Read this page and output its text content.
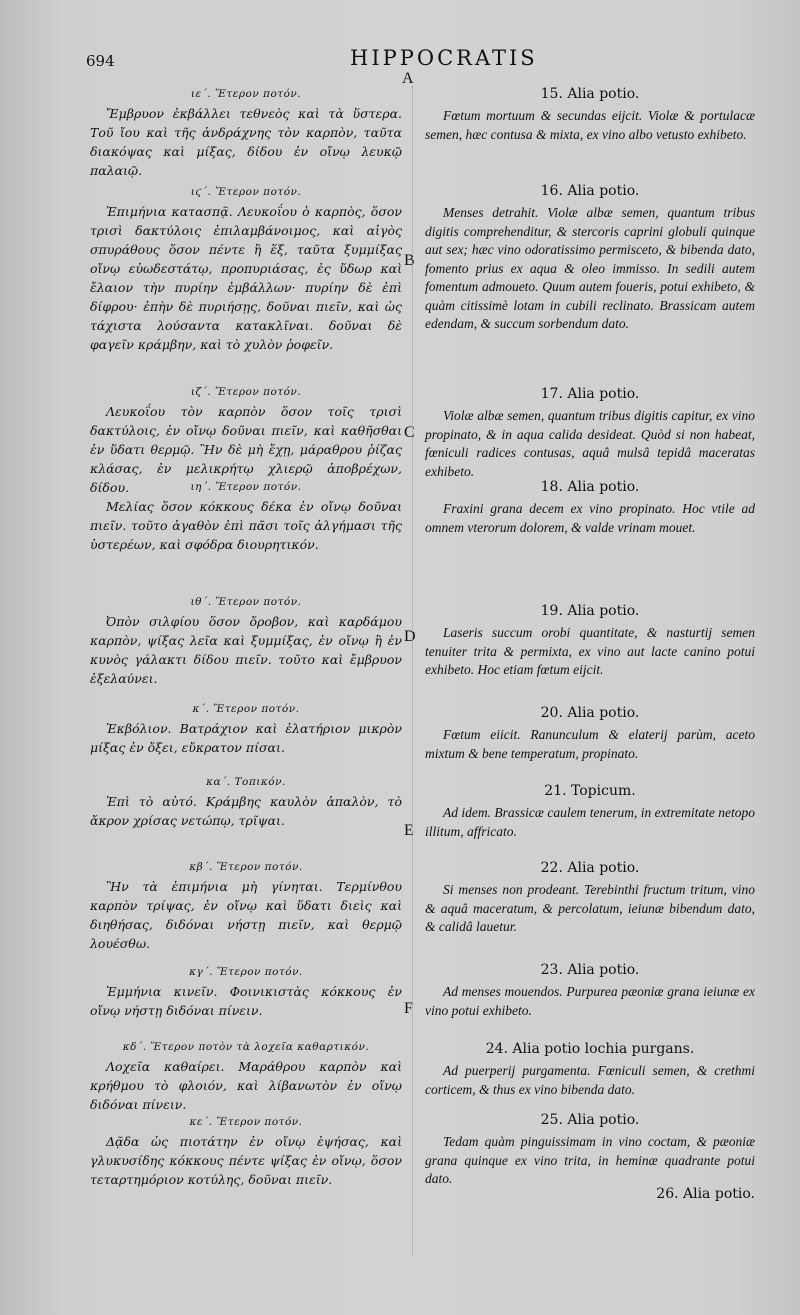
694	HIPPOCRATIS
A
B
C
D
E
F
ιε΄. Ἕτερον ποτόν.
Ἔμβρυον ἐκβάλλει τεθνεὸς καὶ τὰ ὕστερα. Τοῦ ἴου καὶ τῆς ἀνδράχνης τὸν καρπὸν, ταῦτα διακόψας καὶ μίξας, δίδου ἐν οἴνῳ λευκῷ παλαιῷ.
ιϛ΄. Ἕτερον ποτόν.
Ἐπιμήνια κατασπᾷ. Λευκοΐου ὁ καρπὸς, ὅσον τρισὶ δακτύλοις ἐπιλαμβάνοιμος, καὶ αἰγὸς σπυράθους ὅσον πέντε ἢ ἕξ, ταῦτα ξυμμίξας οἴνῳ εὐωδεστάτῳ, προπυριάσας, ἐς ὕδωρ καὶ ἔλαιον τὴν πυρίην ἐμβάλλων· πυρίην δὲ ἐπὶ δίφρου· ἐπὴν δὲ πυριήσῃς, δοῦναι πιεῖν, καὶ ὡς τάχιστα λούσαντα κατακλῖναι. δοῦναι δὲ φαγεῖν κράμβην, καὶ τὸ χυλὸν ῥοφεῖν.
ιζ΄. Ἕτερον ποτόν.
Λευκοΐου τὸν καρπὸν ὅσον τοῖς τρισὶ δακτύλοις, ἐν οἴνῳ δοῦναι πιεῖν, καὶ καθῆσθαι ἐν ὕδατι θερμῷ. Ἢν δὲ μὴ ἔχῃ, μάραθρου ῥίζας κλάσας, ἐν μελικρήτῳ χλιερῷ ἀποβρέχων, δίδου.	ιη΄. Ἕτερον ποτόν.
Μελίας ὅσον κόκκους δέκα ἐν οἴνῳ δοῦναι πιεῖν. τοῦτο ἀγαθὸν ἐπὶ πᾶσι τοῖς ἀλγήμασι τῆς ὑστερέων, καὶ σφόδρα διουρητικόν.
ιθ΄. Ἕτερον ποτόν.
Ὀπὸν σιλφίου ὅσον ὄροβον, καὶ καρδάμου καρπὸν, ψίξας λεῖα καὶ ξυμμίξας, ἐν οἴνῳ ἢ ἐν κυνὸς γάλακτι δίδου πιεῖν. τοῦτο καὶ ἔμβρυον ἐξελαύνει.
κ΄. Ἕτερον ποτόν.
Ἐκβόλιον. Βατράχιον καὶ ἐλατήριον μικρὸν μίξας ἐν ὄξει, εὔκρατον πίσαι.
κα΄. Τοπικόν.
Ἐπὶ τὸ αὐτό. Κράμβης καυλὸν ἁπαλὸν, τὸ ἄκρον χρίσας νετώπῳ, τρῖψαι.
κβ΄. Ἕτερον ποτόν.
Ἢν τὰ ἐπιμήνια μὴ γίνηται. Τερμίνθου καρπὸν τρίψας, ἐν οἴνῳ καὶ ὕδατι διεὶς καὶ διηθήσας, διδόναι νήστῃ πιεῖν, καὶ θερμῷ λουέσθω.
κγ΄. Ἕτερον ποτόν.
Ἐμμήνια κινεῖν. Φοινικιστὰς κόκκους ἐν οἴνῳ νήστῃ διδόναι πίνειν.
κδ΄. Ἕτερον ποτὸν τὰ λοχεῖα καθαρτικόν.
Λοχεῖα καθαίρει. Μαράθρου καρπὸν καὶ κρήθμου τὸ φλοιόν, καὶ λίβανωτὸν ἐν οἴνῳ διδόναι πίνειν.
κε΄. Ἕτερον ποτόν.
Δᾷδα ὡς πιοτάτην ἐν οἴνῳ ἑψήσας, καὶ γλυκυσίδης κόκκους πέντε ψίξας ἐν οἴνῳ, ὅσον τεταρτημόριον κοτύλης, δοῦναι πιεῖν.
15. Alia potio.
Fœtum mortuum & secundas eijcit. Violæ & portulacæ semen, hæc contusa & mixta, ex vino albo vetusto exhibeto.
16. Alia potio.
Menses detrahit. Violæ albæ semen, quantum tribus digitis comprehenditur, & stercoris caprini globuli quinque aut sex; hæc vino odoratissimo permisceto, & bibenda dato, fomento prius ex aqua & oleo immisso. In sedili autem fomentum admoueto. Quum autem foueris, potui exhibeto, & quàm citissimè lotam in cubili reclinato. Brassicam autem edendam, & succum sorbendum dato.
17. Alia potio.
Violæ albæ semen, quantum tribus digitis capitur, ex vino propinato, & in aqua calida desideat. Quòd si non habeat, fœniculi radices contusas, aquâ mulsâ tepidâ maceratas exhibeto.
18. Alia potio.
Fraxini grana decem ex vino propinato. Hoc vtile ad omnem vterorum dolorem, & valde vrinam mouet.
19. Alia potio.
Laseris succum orobi quantitate, & nasturtij semen tenuiter trita & permixta, ex vino aut lacte canino potui exhibeto. Hoc etiam fœtum eijcit.
20. Alia potio.
Fœtum eiicit. Ranunculum & elaterij parùm, aceto mixtum & bene temperatum, propinato.
21. Topicum.
Ad idem. Brassicæ caulem tenerum, in extremitate netopo illitum, affricato.
22. Alia potio.
Si menses non prodeant. Terebinthi fructum tritum, vino & aquâ maceratum, & percolatum, ieiunæ bibendum dato, & calidâ lauetur.
23. Alia potio.
Ad menses mouendos. Purpurea pæoniæ grana ieiunæ ex vino potui exhibeto.
24. Alia potio lochia purgans.
Ad puerperij purgamenta. Fœniculi semen, & crethmi corticem, & thus ex vino bibenda dato.
25. Alia potio.
Tedam quàm pinguissimam in vino coctam, & pæoniæ grana quinque ex vino trita, in heminæ quadrante potui dato.
26. Alia potio.
